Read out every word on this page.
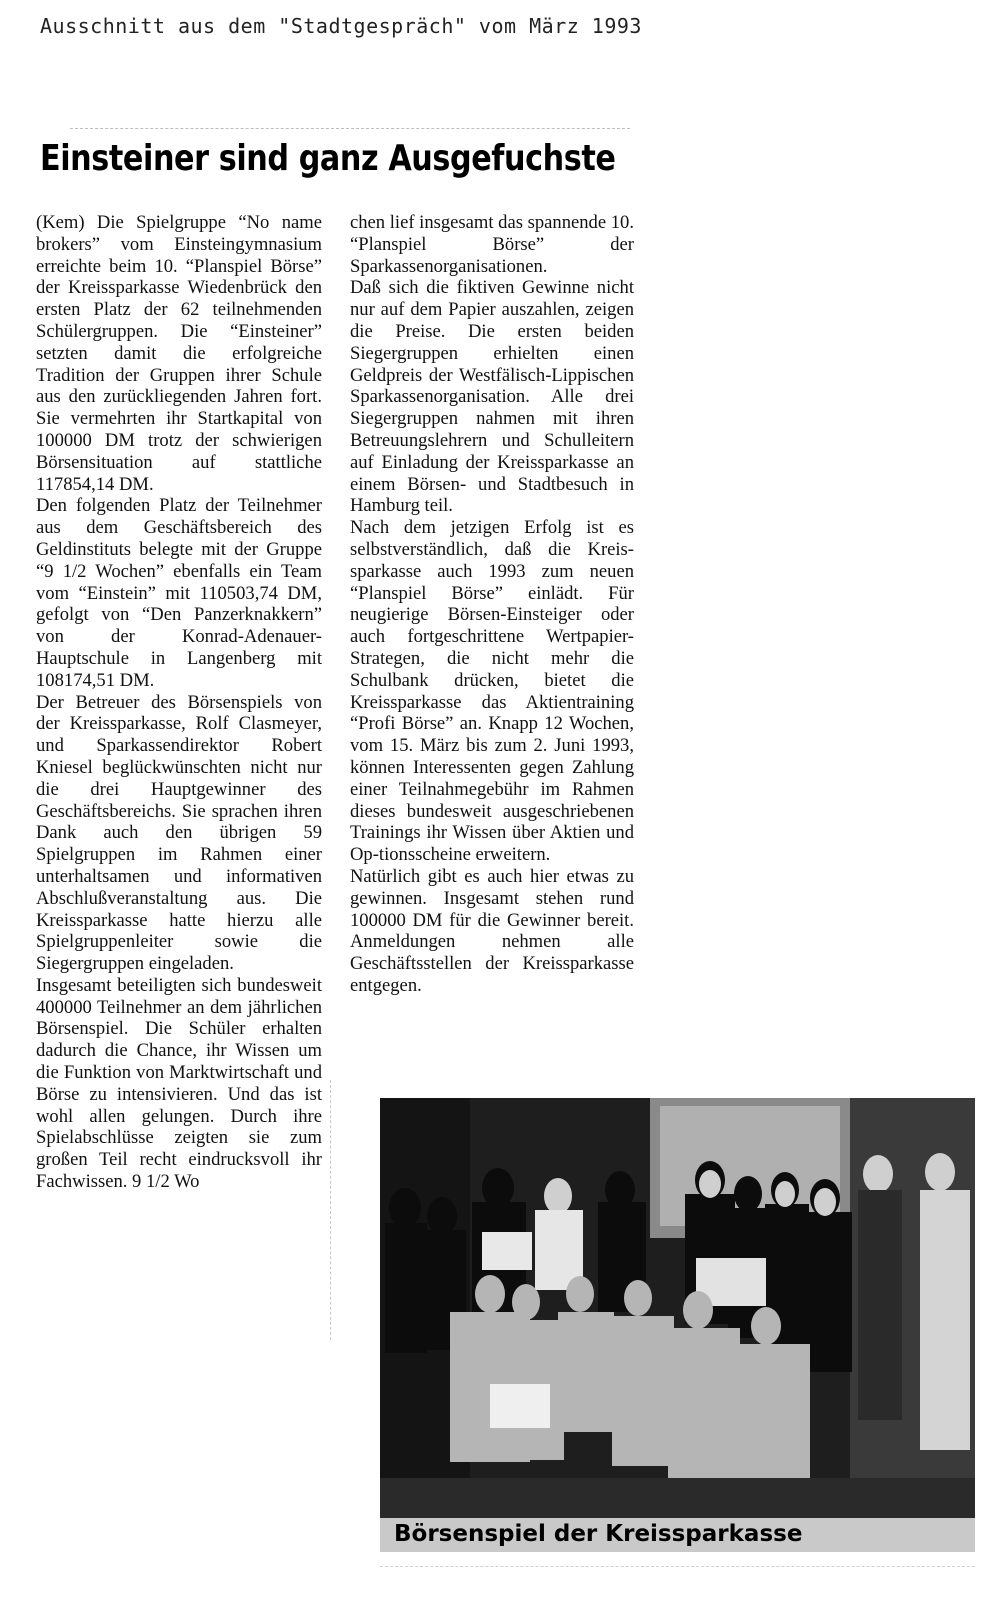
Ausschnitt aus dem "Stadtgespräch" vom März 1993
Einsteiner sind ganz Ausgefuchste

(Kem) Die Spielgruppe “No name brokers” vom Einsteingymnasium erreichte beim 10. “Planspiel Börse” der Kreissparkasse Wiedenbrück den ersten Platz der 62 teilnehmenden Schülergruppen. Die “Einsteiner” setzten damit die erfolgreiche Tradition der Gruppen ihrer Schule aus den zurückliegenden Jahren fort. Sie vermehrten ihr Startkapital von 100000 DM trotz der schwierigen Börsensituation auf stattliche 117854,14 DM.

Den folgenden Platz der Teilnehmer aus dem Geschäftsbereich des Geldinstituts belegte mit der Gruppe “9 1/2 Wochen” ebenfalls ein Team vom “Einstein” mit 110503,74 DM, gefolgt von “Den Panzerknakkern” von der Konrad-Adenauer-Hauptschule in Langenberg mit 108174,51 DM.

Der Betreuer des Börsenspiels von der Kreissparkasse, Rolf Clasmeyer, und Sparkassendirektor Robert Kniesel beglückwünschten nicht nur die drei Hauptgewinner des Geschäftsbereichs. Sie sprachen ihren Dank auch den übrigen 59 Spielgruppen im Rahmen einer unterhaltsamen und informativen Abschlußveranstaltung aus. Die Kreissparkasse hatte hierzu alle Spielgruppenleiter sowie die Siegergruppen eingeladen.

Insgesamt beteiligten sich bundesweit 400000 Teilnehmer an dem jährlichen Börsenspiel. Die Schüler erhalten dadurch die Chance, ihr Wissen um die Funktion von Marktwirtschaft und Börse zu intensivieren. Und das ist wohl allen gelungen. Durch ihre Spielabschlüsse zeigten sie zum großen Teil recht eindrucksvoll ihr Fachwissen. 9 1/2 Wo

chen lief insgesamt das spannende 10. “Planspiel Börse” der Sparkassenorganisationen.

Daß sich die fiktiven Gewinne nicht nur auf dem Papier auszahlen, zeigen die Preise. Die ersten beiden Siegergruppen erhielten einen Geldpreis der Westfälisch-Lippischen Sparkassenorganisation. Alle drei Siegergruppen nahmen mit ihren Betreuungslehrern und Schulleitern auf Einladung der Kreissparkasse an einem Börsen- und Stadtbesuch in Hamburg teil.

Nach dem jetzigen Erfolg ist es selbstverständlich, daß die Kreissparkasse auch 1993 zum neuen “Planspiel Börse” einlädt. Für neugierige Börsen-Einsteiger oder auch fortgeschrittene Wertpapier-Strategen, die nicht mehr die Schulbank drücken, bietet die Kreissparkasse das Aktientraining “Profi Börse” an. Knapp 12 Wochen, vom 15. März bis zum 2. Juni 1993, können Interessenten gegen Zahlung einer Teilnahmegebühr im Rahmen dieses bundesweit ausgeschriebenen Trainings ihr Wissen über Aktien und Op-tionsscheine erweitern.

Natürlich gibt es auch hier etwas zu gewinnen. Insgesamt stehen rund 100000 DM für die Gewinner bereit. Anmeldungen nehmen alle Geschäftsstellen der Kreissparkasse entgegen.

Börsenspiel der Kreissparkasse
